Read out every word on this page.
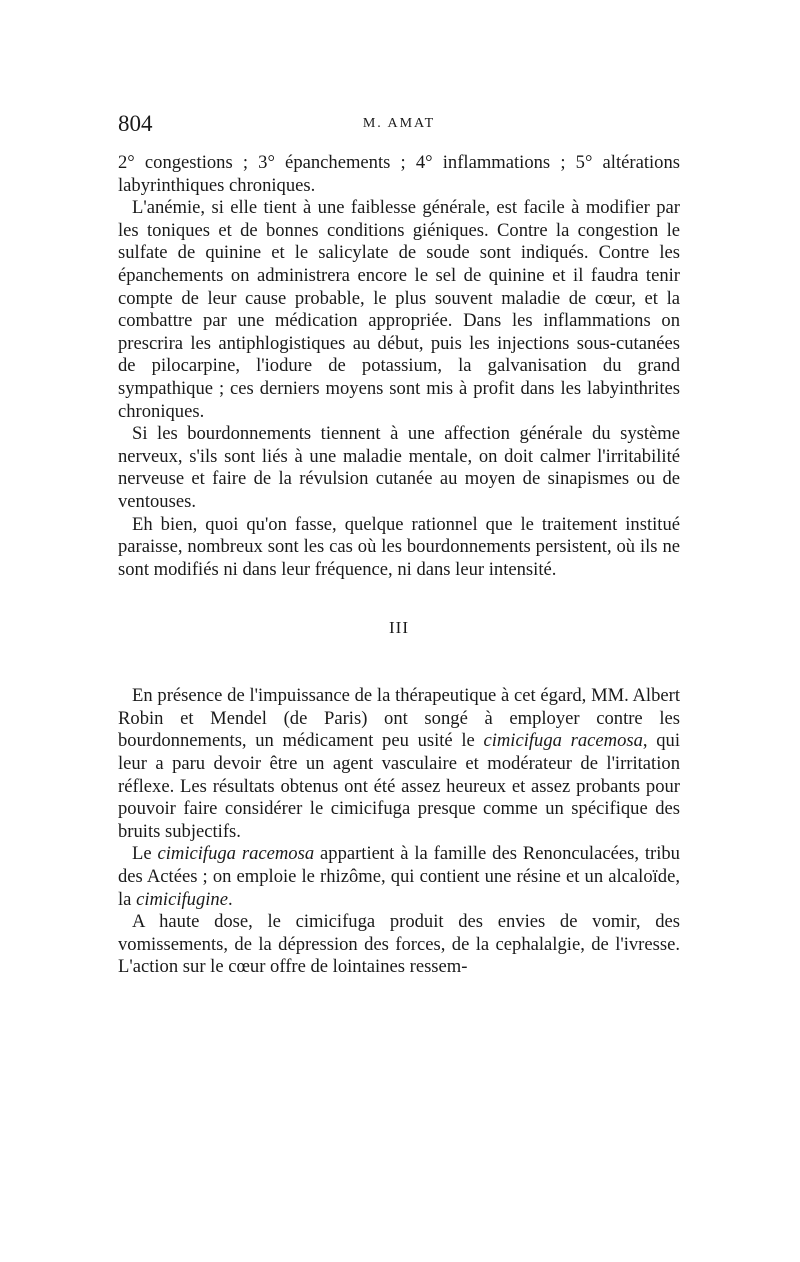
804	M. AMAT

2° congestions ; 3° épanchements ; 4° inflammations ; 5° altérations labyrinthiques chroniques.

L'anémie, si elle tient à une faiblesse générale, est facile à modifier par les toniques et de bonnes conditions giéniques. Contre la congestion le sulfate de quinine et le salicylate de soude sont indiqués. Contre les épanchements on administrera encore le sel de quinine et il faudra tenir compte de leur cause probable, le plus souvent maladie de cœur, et la combattre par une médication appropriée. Dans les inflammations on prescrira les antiphlogistiques au début, puis les injections sous-cutanées de pilocarpine, l'iodure de potassium, la galvanisation du grand sympathique ; ces derniers moyens sont mis à profit dans les labyinthrites chroniques.

Si les bourdonnements tiennent à une affection générale du système nerveux, s'ils sont liés à une maladie mentale, on doit calmer l'irritabilité nerveuse et faire de la révulsion cutanée au moyen de sinapismes ou de ventouses.

Eh bien, quoi qu'on fasse, quelque rationnel que le traitement institué paraisse, nombreux sont les cas où les bourdonnements persistent, où ils ne sont modifiés ni dans leur fréquence, ni dans leur intensité.

III

En présence de l'impuissance de la thérapeutique à cet égard, MM. Albert Robin et Mendel (de Paris) ont songé à employer contre les bourdonnements, un médicament peu usité le cimicifuga racemosa, qui leur a paru devoir être un agent vasculaire et modérateur de l'irritation réflexe. Les résultats obtenus ont été assez heureux et assez probants pour pouvoir faire considérer le cimicifuga presque comme un spécifique des bruits subjectifs.

Le cimicifuga racemosa appartient à la famille des Renonculacées, tribu des Actées ; on emploie le rhizôme, qui contient une résine et un alcaloïde, la cimicifugine.

A haute dose, le cimicifuga produit des envies de vomir, des vomissements, de la dépression des forces, de la cephalalgie, de l'ivresse. L'action sur le cœur offre de lointaines ressem-
